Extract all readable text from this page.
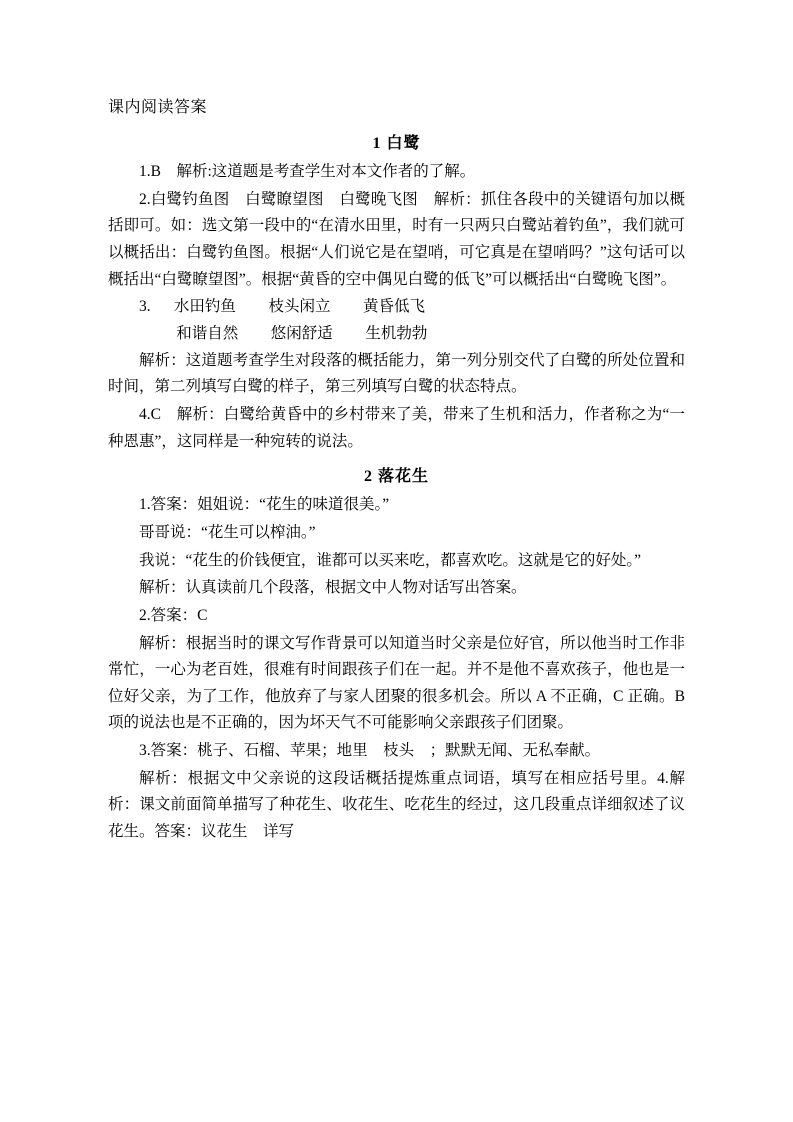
课内阅读答案
1 白鹭

1.B　解析:这道题是考查学生对本文作者的了解。

2.白鹭钓鱼图　白鹭瞭望图　白鹭晚飞图　解析：抓住各段中的关键语句加以概括即可。如：选文第一段中的“在清水田里，时有一只两只白鹭站着钓鱼”，我们就可以概括出：白鹭钓鱼图。根据“人们说它是在望哨，可它真是在望哨吗？”这句话可以概括出“白鹭瞭望图”。根据“黄昏的空中偶见白鹭的低飞”可以概括出“白鹭晚飞图”。

3. 水田钓鱼 枝头闲立 黄昏低飞

和谐自然 悠闲舒适 生机勃勃

解析：这道题考查学生对段落的概括能力，第一列分别交代了白鹭的所处位置和时间，第二列填写白鹭的样子，第三列填写白鹭的状态特点。

4.C　解析：白鹭给黄昏中的乡村带来了美，带来了生机和活力，作者称之为“一种恩惠”，这同样是一种宛转的说法。

2 落花生

1.答案：姐姐说：“花生的味道很美。”

哥哥说：“花生可以榨油。”

我说：“花生的价钱便宜，谁都可以买来吃，都喜欢吃。这就是它的好处。”

解析：认真读前几个段落，根据文中人物对话写出答案。

2.答案：C

解析：根据当时的课文写作背景可以知道当时父亲是位好官，所以他当时工作非常忙，一心为老百姓，很难有时间跟孩子们在一起。并不是他不喜欢孩子，他也是一位好父亲，为了工作，他放弃了与家人团聚的很多机会。所以 A 不正确，C 正确。B 项的说法也是不正确的，因为坏天气不可能影响父亲跟孩子们团聚。

3.答案：桃子、石榴、苹果；地里　枝头　；默默无闻、无私奉献。

解析：根据文中父亲说的这段话概括提炼重点词语，填写在相应括号里。4.解析：课文前面简单描写了种花生、收花生、吃花生的经过，这几段重点详细叙述了议花生。答案：议花生　详写
